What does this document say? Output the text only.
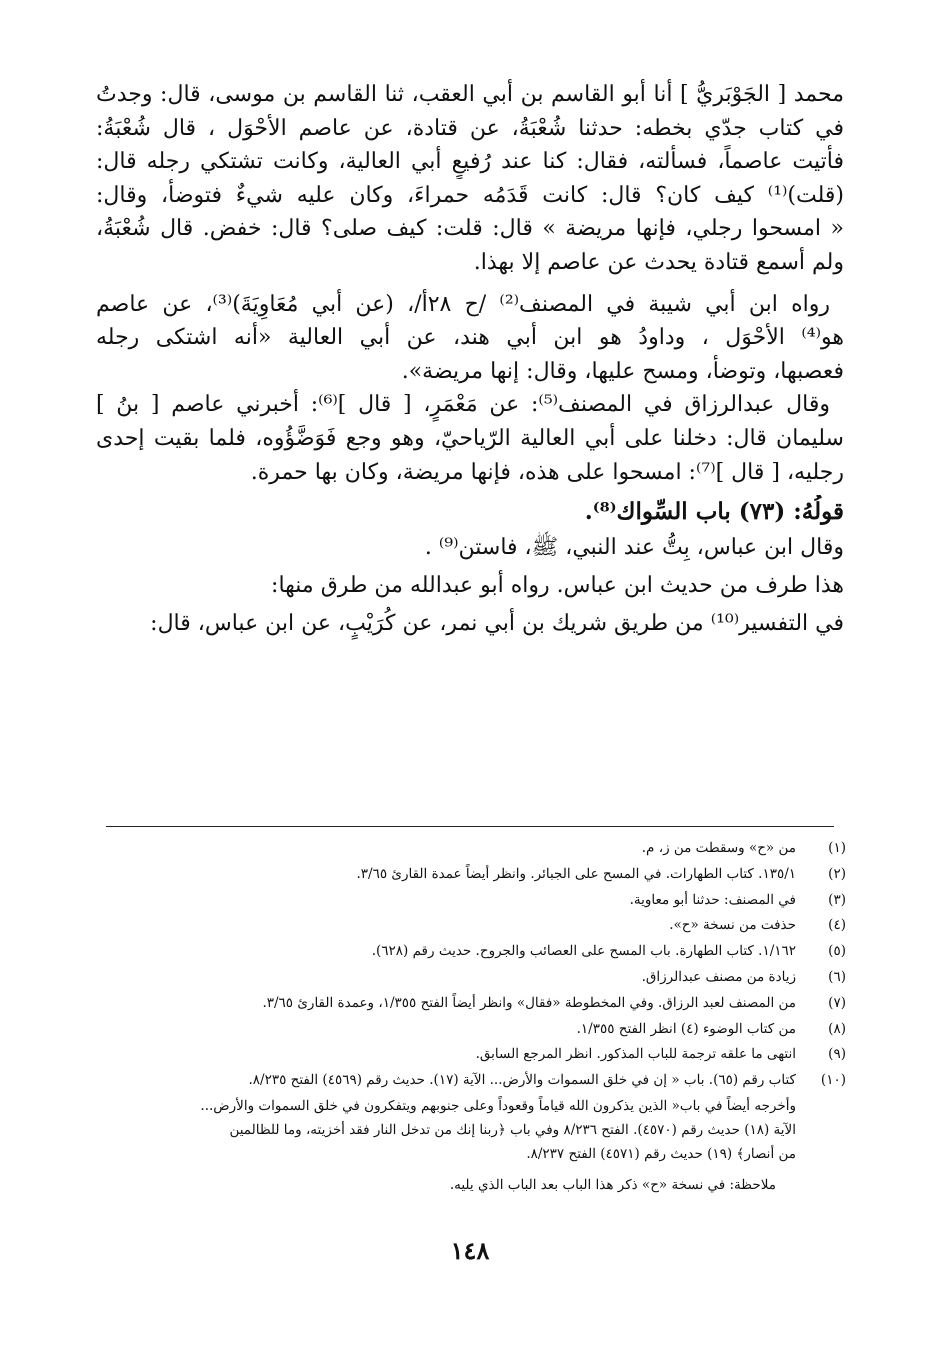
محمد [ الجَوْبَريُّ ] أنا أبو القاسم بن أبي العقب، ثنا القاسم بن موسى، قال: وجدتُ

في كتاب جدّي بخطه: حدثنا شُعْبَةُ، عن قتادة، عن عاصم الأحْوَل ، قال شُعْبَةُ:

فأتيت عاصماً، فسألته، فقال: كنا عند رُفيعٍ أبي العالية، وكانت تشتكي رجله قال:

(قلت)⁽¹⁾ كيف كان؟ قال: كانت قَدَمُه حمراءَ، وكان عليه شيءٌ فتوضأ، وقال:

« امسحوا رجلي، فإنها مريضة » قال: قلت: كيف صلى؟ قال: خفض. قال شُعْبَةُ،

ولم أسمع قتادة يحدث عن عاصم إلا بهذا.

رواه ابن أبي شيبة في المصنف⁽²⁾ /ح ٢٨أ/، (عن أبي مُعَاوِيَةَ)⁽³⁾، عن عاصم

هو⁽⁴⁾ الأحْوَل ، وداودُ هو ابن أبي هند، عن أبي العالية «أنه اشتكى رجله

فعصبها، وتوضأ، ومسح عليها، وقال: إنها مريضة».

وقال عبدالرزاق في المصنف⁽⁵⁾: عن مَعْمَرٍ، [ قال ]⁽⁶⁾: أخبرني عاصم [ بنُ ]

سليمان قال: دخلنا على أبي العالية الرّياحيّ، وهو وجع فَوَضَّؤُوه، فلما بقيت إحدى

رجليه، [ قال ]⁽⁷⁾: امسحوا على هذه، فإنها مريضة، وكان بها حمرة.

قولُهُ: (٧٣) باب السِّواك⁽⁸⁾.

وقال ابن عباس، بِتُّ عند النبي، ﷺ، فاستن⁽⁹⁾ .

هذا طرف من حديث ابن عباس. رواه أبو عبدالله من طرق منها:

في التفسير⁽¹⁰⁾ من طريق شريك بن أبي نمر، عن كُرَيْبٍ، عن ابن عباس، قال:

(١)
من «ح» وسقطت من ز، م.
(٢)
١٣٥/١. كتاب الطهارات. في المسح على الجبائر. وانظر أيضاً عمدة القارئ ٣/٦٥.
(٣)
في المصنف: حدثنا أبو معاوية.
(٤)
حذفت من نسخة «ح».
(٥)
١/١٦٢. كتاب الطهارة. باب المسح على العصائب والجروح. حديث رقم (٦٢٨).
(٦)
زيادة من مصنف عبدالرزاق.
(٧)
من المصنف لعبد الرزاق. وفي المخطوطة «فقال» وانظر أيضاً الفتح ١/٣٥٥، وعمدة القارئ ٣/٦٥.
(٨)
من كتاب الوضوء (٤) انظر الفتح ١/٣٥٥.
(٩)
انتهى ما علقه ترجمة للباب المذكور. انظر المرجع السابق.
(١٠)
كتاب رقم (٦٥). باب « إن في خلق السموات والأرض... الآية (١٧). حديث رقم (٤٥٦٩) الفتح ٨/٢٣٥.
وأخرجه أيضاً في باب« الذين يذكرون الله قياماً وقعوداً وعلى جنوبهم ويتفكرون في خلق السموات والأرض...
الآية (١٨) حديث رقم (٤٥٧٠). الفتح ٨/٢٣٦ وفي باب ﴿ربنا إنك من تدخل النار فقد أخزيته، وما للظالمين
من أنصار﴾ (١٩) حديث رقم (٤٥٧١) الفتح ٨/٢٣٧.
ملاحظة: في نسخة «ح» ذكر هذا الباب بعد الباب الذي يليه.
١٤٨
